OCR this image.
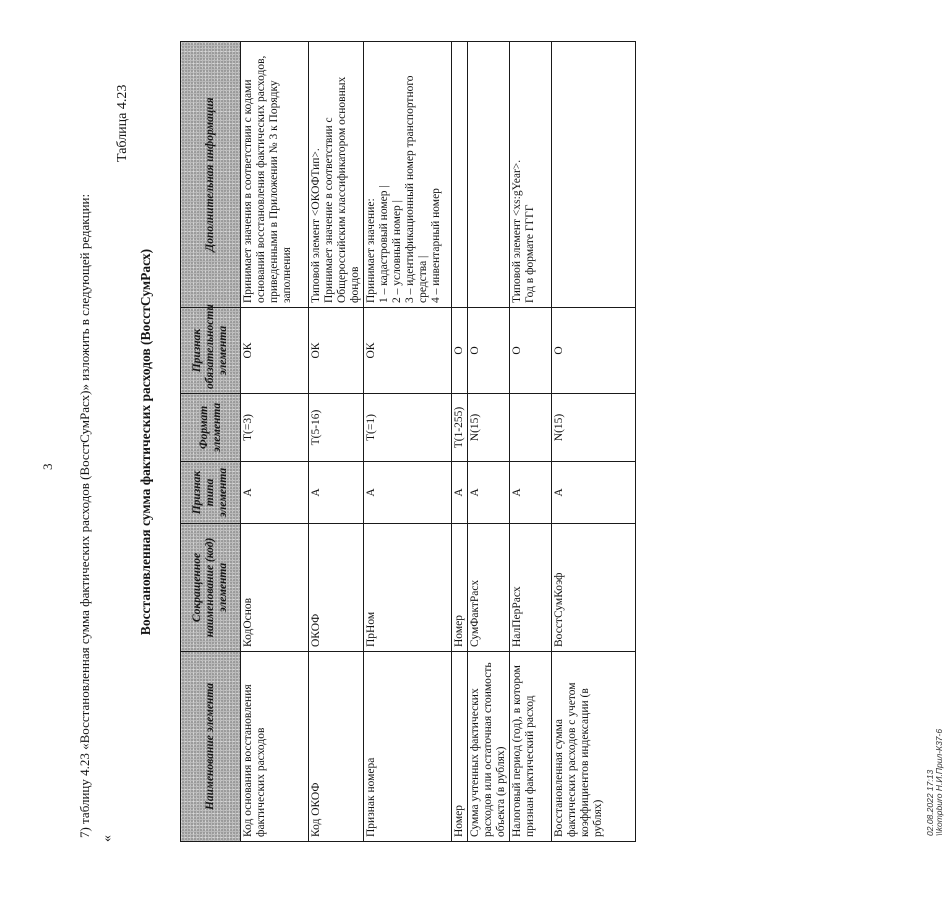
3 7) таблицу 4.23 «Восстановленная сумма фактических расходов (ВосстСумРасх)» изложить в следующей редакции:
«
Таблица 4.23
Восстановленная сумма фактических расходов (ВосстСумРасх)
Наименование элемента	Сокращенное наименование (код) элемента	Признак типа элемента	Формат элемента	Признак обязательности элемента	Дополнительная информация
Код основания восстановления фактических расходов	КодОснов	А	Т(=3)	ОК	Принимает значения в соответствии с кодами оснований восстановления фактических расходов, приведенными в Приложении № 3 к Порядку заполнения

Код ОКОФ	ОКОФ	А	Т(5-16)	ОК	Типовой элемент <ОКОФТип>. Принимает значение в соответствии с Общероссийским классификатором основных фондов

Признак номера	ПрНом	А	Т(=1)	ОК	Принимает значение: 1 – кадастровый номер | 2 – условный номер | 3 – идентификационный номер транспортного средства | 4 – инвентарный номер

Номер	Номер	А	Т(1-255)	О	
Сумма учтенных фактических расходов или остаточная стоимость объекта (в рублях)	СумФактРасх	А	N(15)	О	
Налоговый период (год), в котором признан фактический расход	НалПерРасх	А		О	Типовой элемент <xs:gYear>. Год в формате ГГГГ

Восстановленная сумма фактических расходов с учетом коэффициентов индексации (в рублях)	ВосстСумКоэф	А	N(15)	О	
02.08.2022 17:13 \\kompburo Н.И.Прил-К37-6
